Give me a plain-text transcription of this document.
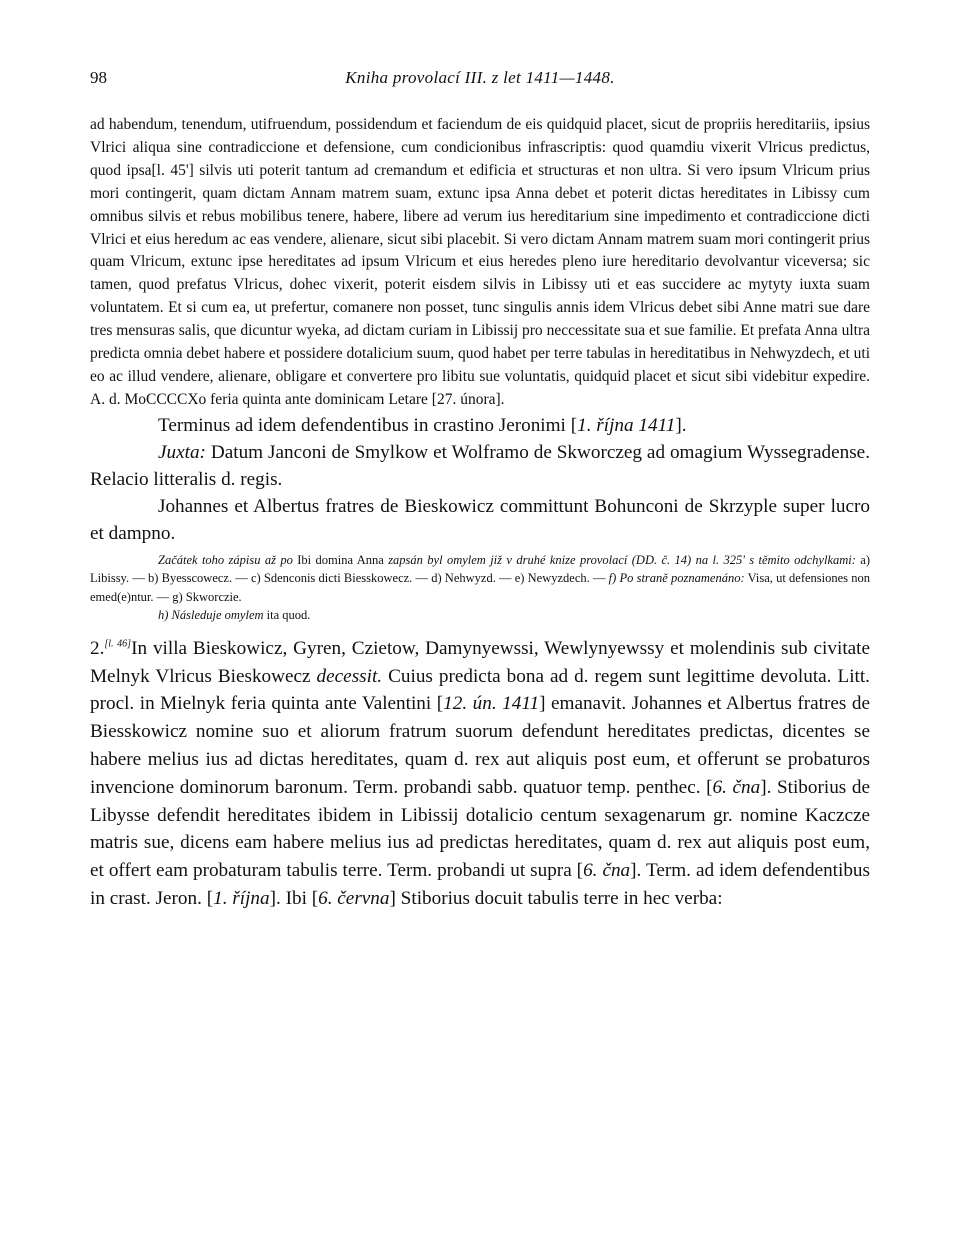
98	Kniha provolací III. z let 1411—1448.
ad habendum, tenendum, utifruendum, possidendum et faciendum de eis quidquid placet, sicut de propriis hereditariis, ipsius Vlrici aliqua sine contradiccione et defensione, cum condicionibus infrascriptis: quod quamdiu vixerit Vlricus predictus, quod ipsa[l. 45'] silvis uti poterit tantum ad cremandum et edificia et structuras et non ultra. Si vero ipsum Vlricum prius mori contingerit, quam dictam Annam matrem suam, extunc ipsa Anna debet et poterit dictas hereditates in Libissy cum omnibus silvis et rebus mobilibus tenere, habere, libere ad verum ius hereditarium sine impedimento et contradiccione dicti Vlrici et eius heredum ac eas vendere, alienare, sicut sibi placebit. Si vero dictam Annam matrem suam mori contingerit prius quam Vlricum, extunc ipse hereditates ad ipsum Vlricum et eius heredes pleno iure hereditario devolvantur viceversa; sic tamen, quod prefatus Vlricus, dohec vixerit, poterit eisdem silvis in Libissy uti et eas succidere ac mytyty iuxta suam voluntatem. Et si cum ea, ut prefertur, comanere non posset, tunc singulis annis idem Vlricus debet sibi Anne matri sue dare tres mensuras salis, que dicuntur wyeka, ad dictam curiam in Libissij pro neccessitate sua et sue familie. Et prefata Anna ultra predicta omnia debet habere et possidere dotalicium suum, quod habet per terre tabulas in hereditatibus in Nehwyzdech, et uti eo ac illud vendere, alienare, obligare et convertere pro libitu sue voluntatis, quidquid placet et sicut sibi videbitur expedire. A. d. MoCCCCXo feria quinta ante dominicam Letare [27. února].

Terminus ad idem defendentibus in crastino Jeronimi [1. října 1411].

Juxta: Datum Janconi de Smylkow et Wolframo de Skworczeg ad omagium Wyssegradense. Relacio litteralis d. regis.

Johannes et Albertus fratres de Bieskowicz committunt Bohunconi de Skrzyple super lucro et dampno.

Začátek toho zápisu až po Ibi domina Anna zapsán byl omylem již v druhé knize provolací (DD. č. 14) na l. 325' s těmito odchylkami: a) Libissy. — b) Byesscowecz. — c) Sdenconis dicti Biesskowecz. — d) Nehwyzd. — e) Newyzdech. — f) Po straně poznamenáno: Visa, ut defensiones non emed(e)ntur. — g) Skworczie.
h) Následuje omylem ita quod.
2.[l. 46]In villa Bieskowicz, Gyren, Czietow, Damynyewssi, Wewlynyewssy et molendinis sub civitate Melnyk Vlricus Bieskowecz decessit. Cuius predicta bona ad d. regem sunt legittime devoluta. Litt. procl. in Mielnyk feria quinta ante Valentini [12. ún. 1411] emanavit. Johannes et Albertus fratres de Biesskowicz nomine suo et aliorum fratrum suorum defendunt hereditates predictas, dicentes se habere melius ius ad dictas hereditates, quam d. rex aut aliquis post eum, et offerunt se probaturos invencione dominorum baronum. Term. probandi sabb. quatuor temp. penthec. [6. čna]. Stiborius de Libysse defendit hereditates ibidem in Libissij dotalicio centum sexagenarum gr. nomine Kaczcze matris sue, dicens eam habere melius ius ad predictas hereditates, quam d. rex aut aliquis post eum, et offert eam probaturam tabulis terre. Term. probandi ut supra [6. čna]. Term. ad idem defendentibus in crast. Jeron. [1. října]. Ibi [6. června] Stiborius docuit tabulis terre in hec verba:
